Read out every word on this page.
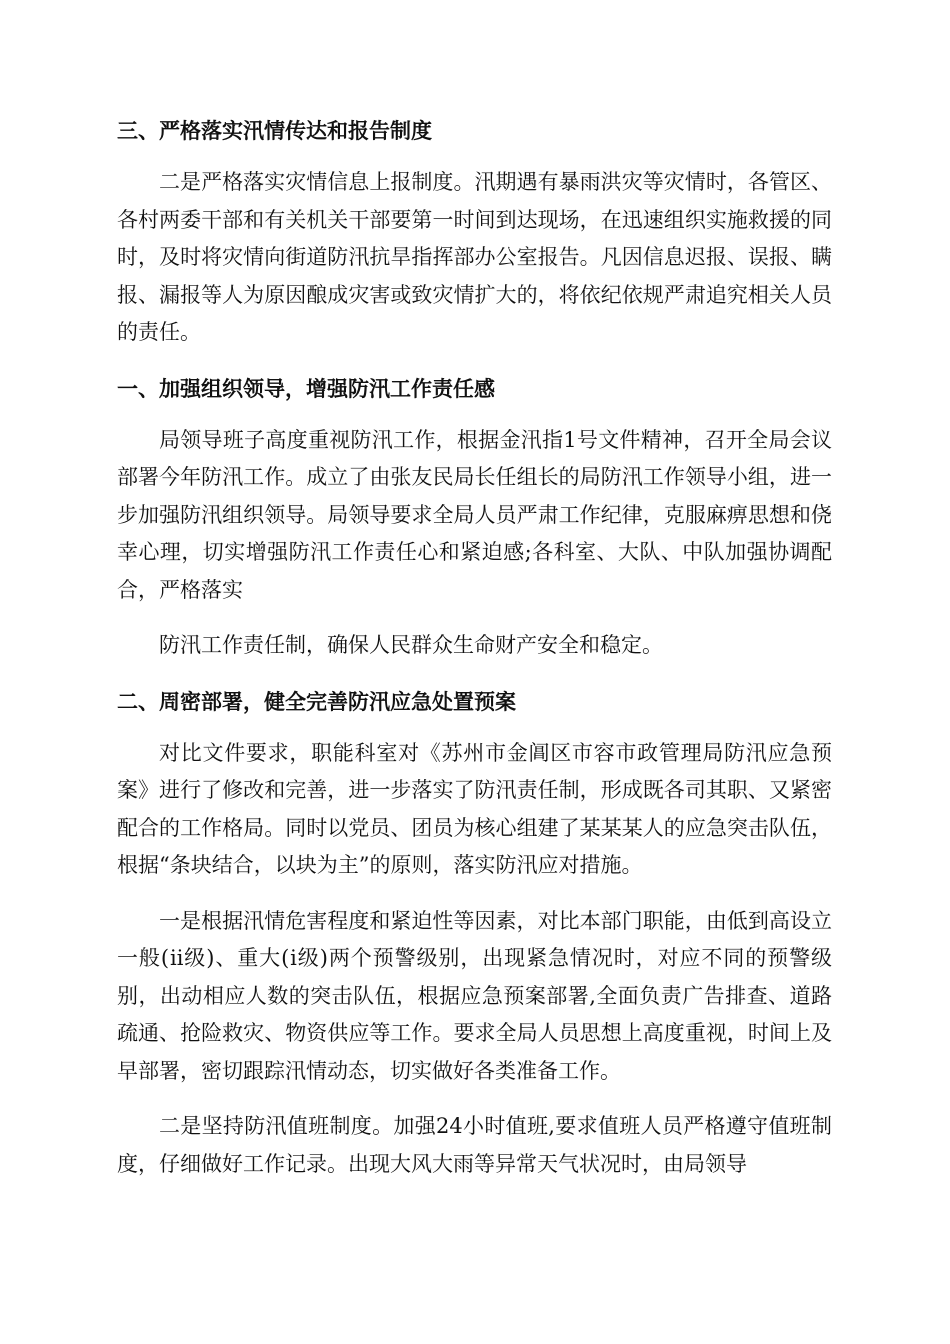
三、严格落实汛情传达和报告制度

二是严格落实灾情信息上报制度。汛期遇有暴雨洪灾等灾情时，各管区、各村两委干部和有关机关干部要第一时间到达现场，在迅速组织实施救援的同时，及时将灾情向街道防汛抗旱指挥部办公室报告。凡因信息迟报、误报、瞒报、漏报等人为原因酿成灾害或致灾情扩大的，将依纪依规严肃追究相关人员的责任。

一、加强组织领导，增强防汛工作责任感

局领导班子高度重视防汛工作，根据金汛指1号文件精神，召开全局会议部署今年防汛工作。成立了由张友民局长任组长的局防汛工作领导小组，进一步加强防汛组织领导。局领导要求全局人员严肃工作纪律，克服麻痹思想和侥幸心理，切实增强防汛工作责任心和紧迫感;各科室、大队、中队加强协调配合，严格落实

防汛工作责任制，确保人民群众生命财产安全和稳定。

二、周密部署，健全完善防汛应急处置预案

对比文件要求，职能科室对《苏州市金阊区市容市政管理局防汛应急预案》进行了修改和完善，进一步落实了防汛责任制，形成既各司其职、又紧密配合的工作格局。同时以党员、团员为核心组建了某某某人的应急突击队伍，根据“条块结合，以块为主”的原则，落实防汛应对措施。

一是根据汛情危害程度和紧迫性等因素，对比本部门职能，由低到高设立一般(ⅱ级)、重大(ⅰ级)两个预警级别，出现紧急情况时，对应不同的预警级别，出动相应人数的突击队伍，根据应急预案部署,全面负责广告排查、道路疏通、抢险救灾、物资供应等工作。要求全局人员思想上高度重视，时间上及早部署，密切跟踪汛情动态，切实做好各类准备工作。

二是坚持防汛值班制度。加强24小时值班,要求值班人员严格遵守值班制度，仔细做好工作记录。出现大风大雨等异常天气状况时，由局领导
